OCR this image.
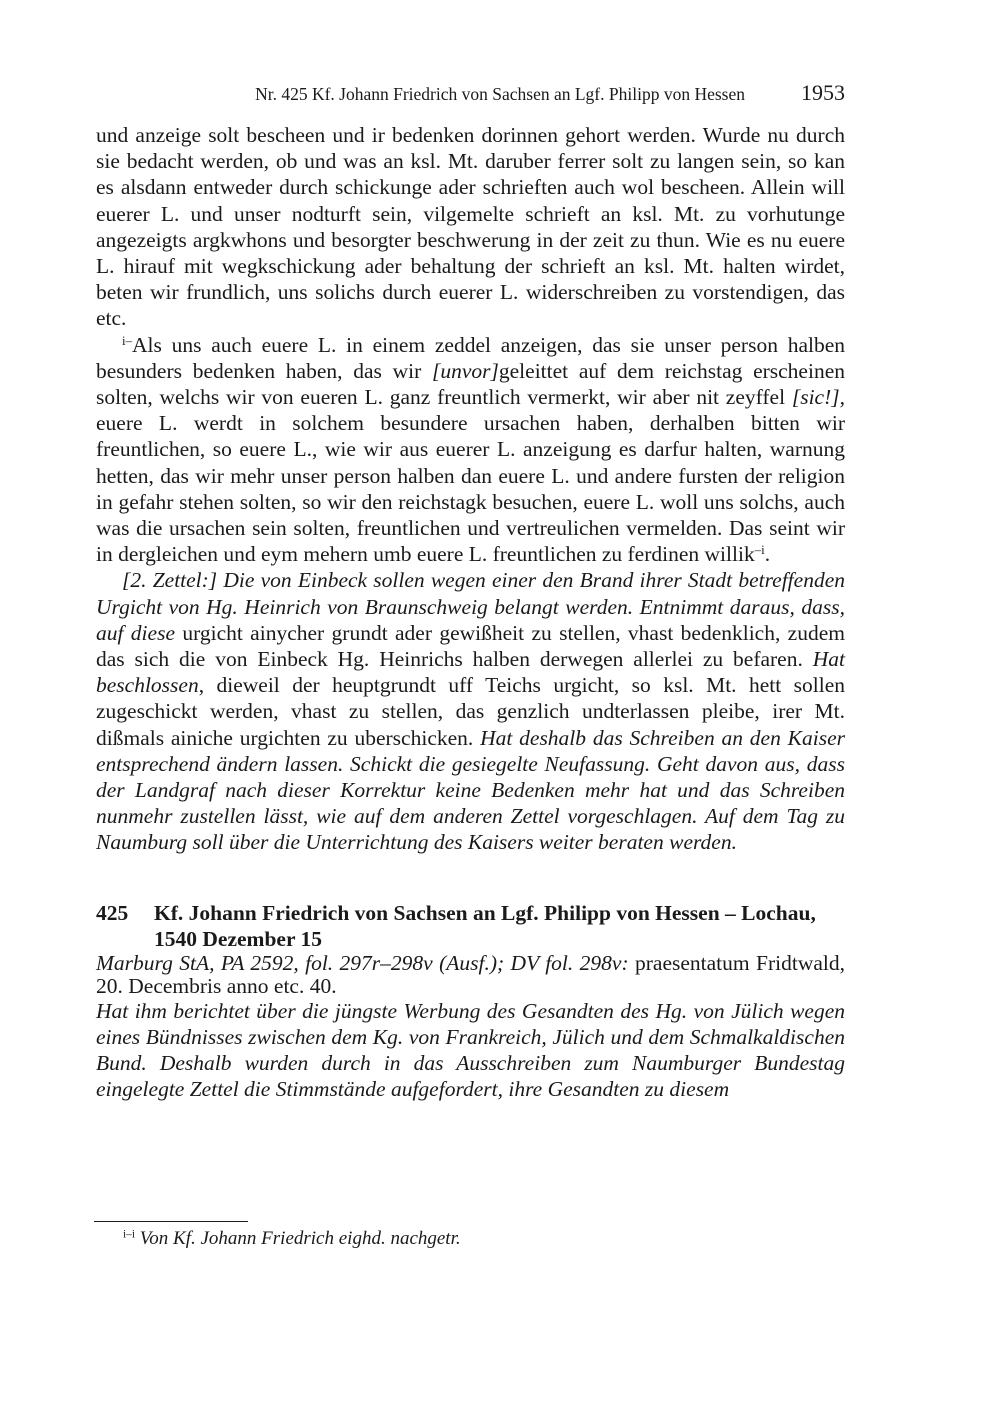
Nr. 425 Kf. Johann Friedrich von Sachsen an Lgf. Philipp von Hessen	1953

und anzeige solt bescheen und ir bedenken dorinnen gehort werden. Wurde nu durch sie bedacht werden, ob und was an ksl. Mt. daruber ferrer solt zu langen sein, so kan es alsdann entweder durch schickunge ader schrieften auch wol bescheen. Allein will euerer L. und unser nodturft sein, vilgemelte schrieft an ksl. Mt. zu vorhutunge angezeigts argkwhons und besorgter beschwerung in der zeit zu thun. Wie es nu euere L. hirauf mit wegkschickung ader behaltung der schrieft an ksl. Mt. halten wirdet, beten wir frundlich, uns solichs durch euerer L. widerschreiben zu vorstendigen, das etc.

$^{i-}$Als uns auch euere L. in einem zeddel anzeigen, das sie unser person halben besunders bedenken haben, das wir [unvor]geleittet auf dem reichstag erscheinen solten, welchs wir von eueren L. ganz freuntlich vermerkt, wir aber nit zeyffel [sic!], euere L. werdt in solchem besundere ursachen haben, derhalben bitten wir freuntlichen, so euere L., wie wir aus euerer L. anzeigung es darfur halten, warnung hetten, das wir mehr unser person halben dan euere L. und andere fursten der religion in gefahr stehen solten, so wir den reichstagk besuchen, euere L. woll uns solchs, auch was die ursachen sein solten, freuntlichen und vertreulichen vermelden. Das seint wir in dergleichen und eym mehern umb euere L. freuntlichen zu ferdinen willik$^{-i}$.

[2. Zettel:] Die von Einbeck sollen wegen einer den Brand ihrer Stadt betreffenden Urgicht von Hg. Heinrich von Braunschweig belangt werden. Entnimmt daraus, dass, auf diese urgicht ainycher grundt ader gewißheit zu stellen, vhast bedenklich, zudem das sich die von Einbeck Hg. Heinrichs halben derwegen allerlei zu befaren. Hat beschlossen, dieweil der heuptgrundt uff Teichs urgicht, so ksl. Mt. hett sollen zugeschickt werden, vhast zu stellen, das genzlich undterlassen pleibe, irer Mt. dißmals ainiche urgichten zu uberschicken. Hat deshalb das Schreiben an den Kaiser entsprechend ändern lassen. Schickt die gesiegelte Neufassung. Geht davon aus, dass der Landgraf nach dieser Korrektur keine Bedenken mehr hat und das Schreiben nunmehr zustellen lässt, wie auf dem anderen Zettel vorgeschlagen. Auf dem Tag zu Naumburg soll über die Unterrichtung des Kaisers weiter beraten werden.

425	Kf. Johann Friedrich von Sachsen an Lgf. Philipp von Hessen – Lochau, 1540 Dezember 15

Marburg StA, PA 2592, fol. 297r–298v (Ausf.); DV fol. 298v: praesentatum Fridtwald, 20. Decembris anno etc. 40.

Hat ihm berichtet über die jüngste Werbung des Gesandten des Hg. von Jülich wegen eines Bündnisses zwischen dem Kg. von Frankreich, Jülich und dem Schmalkaldischen Bund. Deshalb wurden durch in das Ausschreiben zum Naumburger Bundestag eingelegte Zettel die Stimmstände aufgefordert, ihre Gesandten zu diesem

$^{i-i}$ Von Kf. Johann Friedrich eighd. nachgetr.
